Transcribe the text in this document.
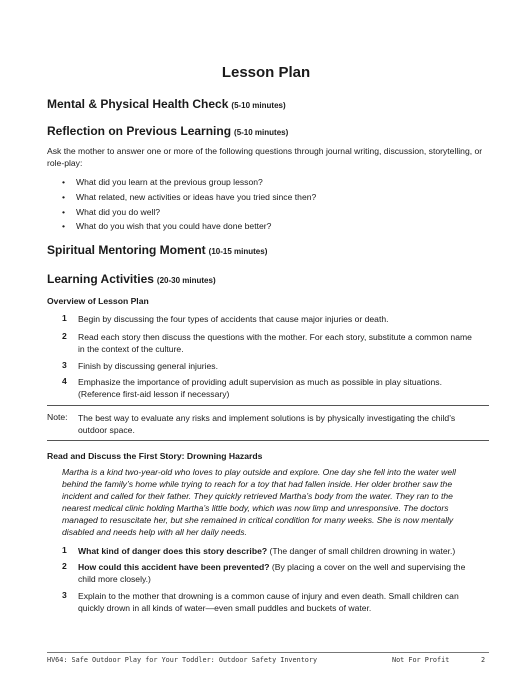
Lesson Plan
Mental & Physical Health Check (5-10 minutes)
Reflection on Previous Learning (5-10 minutes)
Ask the mother to answer one or more of the following questions through journal writing, discussion, storytelling, or role-play:
• What did you learn at the previous group lesson?
• What related, new activities or ideas have you tried since then?
• What did you do well?
• What do you wish that you could have done better?
Spiritual Mentoring Moment (10-15 minutes)
Learning Activities (20-30 minutes)
Overview of Lesson Plan
1 Begin by discussing the four types of accidents that cause major injuries or death.
2 Read each story then discuss the questions with the mother. For each story, substitute a common name in the context of the culture.
3 Finish by discussing general injuries.
4 Emphasize the importance of providing adult supervision as much as possible in play situations. (Reference first-aid lesson if necessary)
Note: The best way to evaluate any risks and implement solutions is by physically investigating the child’s outdoor space.
Read and Discuss the First Story: Drowning Hazards
Martha is a kind two-year-old who loves to play outside and explore. One day she fell into the water well behind the family’s home while trying to reach for a toy that had fallen inside. Her older brother saw the incident and called for their father. They quickly retrieved Martha’s body from the water. They ran to the nearest medical clinic holding Martha’s little body, which was now limp and unresponsive. The doctors managed to resuscitate her, but she remained in critical condition for many weeks. She is now mentally disabled and needs help with all her daily needs.
1 What kind of danger does this story describe? (The danger of small children drowning in water.)
2 How could this accident have been prevented? (By placing a cover on the well and supervising the child more closely.)
3 Explain to the mother that drowning is a common cause of injury and even death. Small children can quickly drown in all kinds of water—even small puddles and buckets of water.
HV64: Safe Outdoor Play for Your Toddler: Outdoor Safety Inventory	Not For Profit	2
